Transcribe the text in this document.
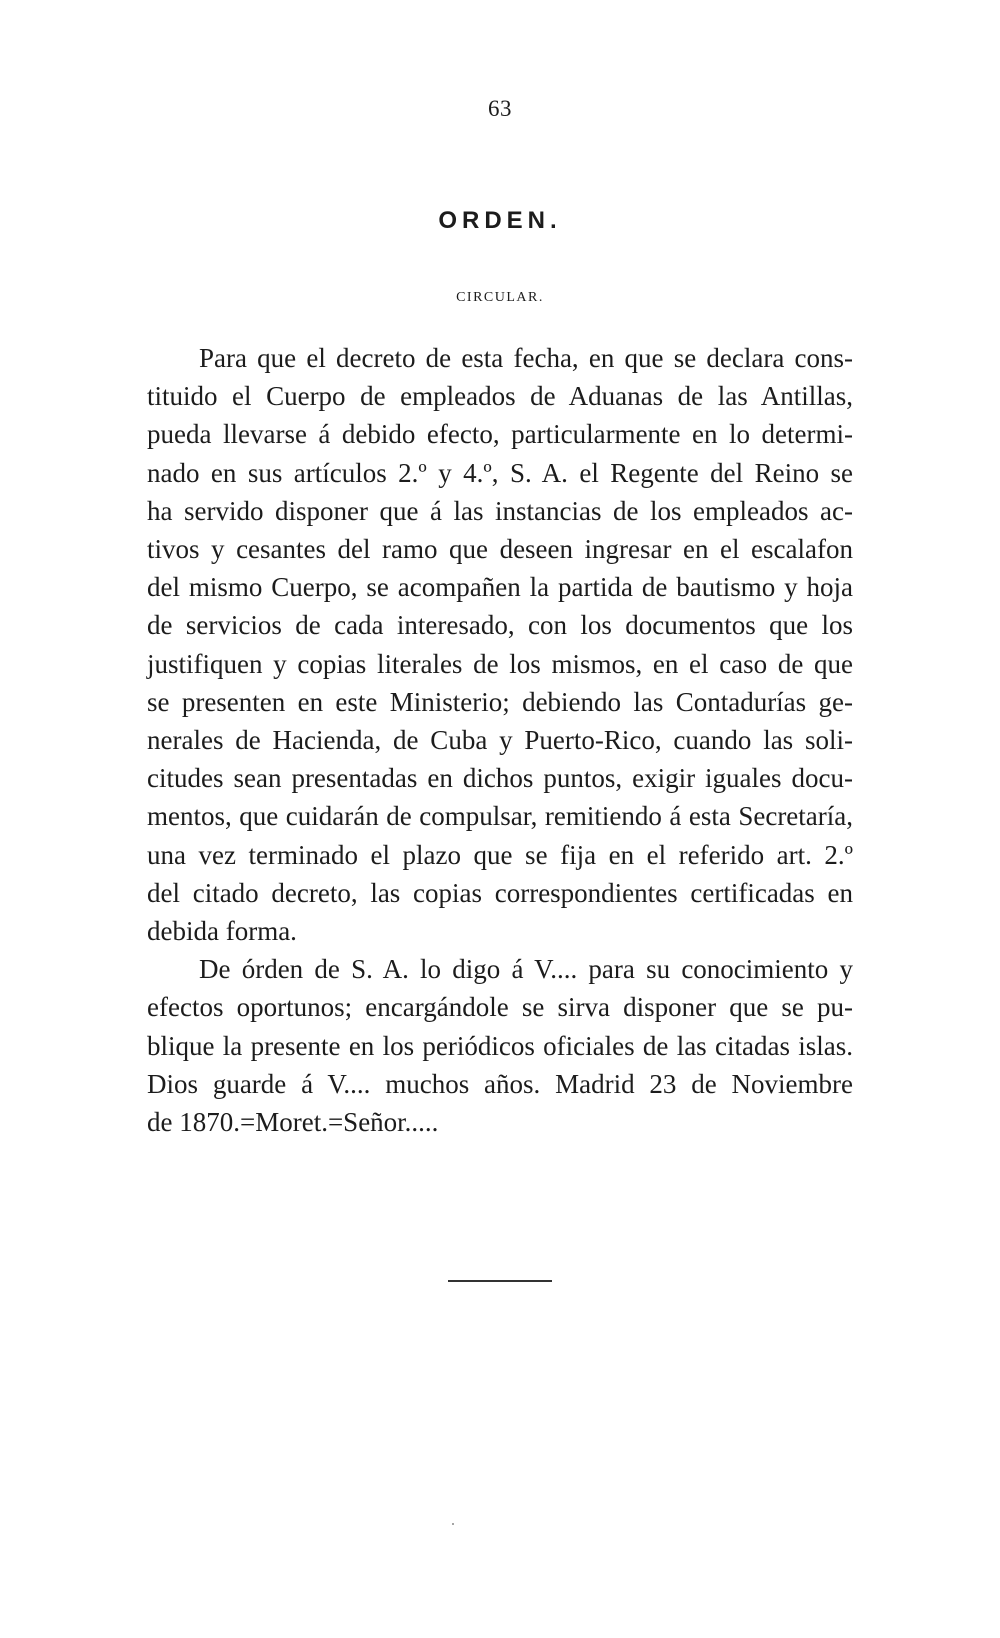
63
ORDEN.
CIRCULAR.
Para que el decreto de esta fecha, en que se declara cons-
tituido el Cuerpo de empleados de Aduanas de las Antillas,
pueda llevarse á debido efecto, particularmente en lo determi-
nado en sus artículos 2.º y 4.º, S. A. el Regente del Reino se
ha servido disponer que á las instancias de los empleados ac-
tivos y cesantes del ramo que deseen ingresar en el escalafon
del mismo Cuerpo, se acompañen la partida de bautismo y hoja
de servicios de cada interesado, con los documentos que los
justifiquen y copias literales de los mismos, en el caso de que
se presenten en este Ministerio; debiendo las Contadurías ge-
nerales de Hacienda, de Cuba y Puerto-Rico, cuando las soli-
citudes sean presentadas en dichos puntos, exigir iguales docu-
mentos, que cuidarán de compulsar, remitiendo á esta Secretaría,
una vez terminado el plazo que se fija en el referido art. 2.º
del citado decreto, las copias correspondientes certificadas en
debida forma.
De órden de S. A. lo digo á V.... para su conocimiento y
efectos oportunos; encargándole se sirva disponer que se pu-
blique la presente en los periódicos oficiales de las citadas islas.
Dios guarde á V.... muchos años. Madrid 23 de Noviembre
de 1870.=Moret.=Señor.....
